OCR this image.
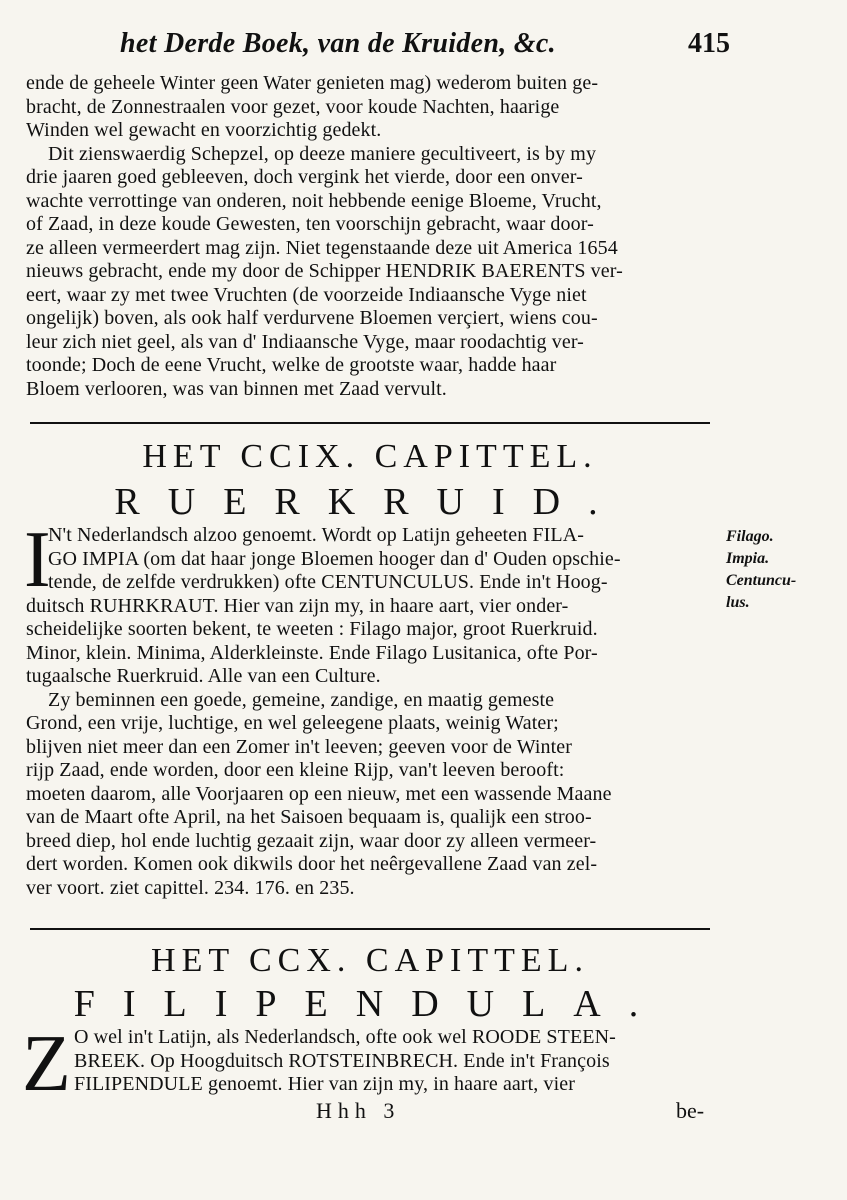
het Derde Boek, van de Kruiden, &c.	415
ende de geheele Winter geen Water genieten mag) wederom buiten ge-
bracht, de Zonnestraalen voor gezet, voor koude Nachten, haarige
Winden wel gewacht en voorzichtig gedekt.
Dit zienswaerdig Schepzel, op deeze maniere gecultiveert, is by my
drie jaaren goed gebleeven, doch vergink het vierde, door een onver-
wachte verrottinge van onderen, noit hebbende eenige Bloeme, Vrucht,
of Zaad, in deze koude Gewesten, ten voorschijn gebracht, waar door-
ze alleen vermeerdert mag zijn. Niet tegenstaande deze uit America 1654
nieuws gebracht, ende my door de Schipper HENDRIK BAERENTS ver-
eert, waar zy met twee Vruchten (de voorzeide Indiaansche Vyge niet
ongelijk) boven, als ook half verdurvene Bloemen verçiert, wiens cou-
leur zich niet geel, als van d' Indiaansche Vyge, maar roodachtig ver-
toonde; Doch de eene Vrucht, welke de grootste waar, hadde haar
Bloem verlooren, was van binnen met Zaad vervult.
HET CCIX. CAPITTEL.
RUERKRUID.
I
N't Nederlandsch alzoo genoemt. Wordt op Latijn geheeten FILA-
GO IMPIA (om dat haar jonge Bloemen hooger dan d' Ouden opschie-
tende, de zelfde verdrukken) ofte CENTUNCULUS. Ende in't Hoog-
duitsch RUHRKRAUT. Hier van zijn my, in haare aart, vier onder-
scheidelijke soorten bekent, te weeten : Filago major, groot Ruerkruid.
Minor, klein. Minima, Alderkleinste. Ende Filago Lusitanica, ofte Por-
tugaalsche Ruerkruid. Alle van een Culture.
Zy beminnen een goede, gemeine, zandige, en maatig gemeste
Grond, een vrije, luchtige, en wel geleegene plaats, weinig Water;
blijven niet meer dan een Zomer in't leeven; geeven voor de Winter
rijp Zaad, ende worden, door een kleine Rijp, van't leeven berooft:
moeten daarom, alle Voorjaaren op een nieuw, met een wassende Maane
van de Maart ofte April, na het Saisoen bequaam is, qualijk een stroo-
breed diep, hol ende luchtig gezaait zijn, waar door zy alleen vermeer-
dert worden. Komen ook dikwils door het neêrgevallene Zaad van zel-
ver voort. ziet capittel. 234. 176. en 235.
Filago.
Impia.
Centuncu-
lus.
HET CCX. CAPITTEL.
FILIPENDULA.
Z O wel in't Latijn, als Nederlandsch, ofte ook wel ROODE STEEN-
BREEK. Op Hoogduitsch ROTSTEINBRECH. Ende in't François
FILIPENDULE genoemt. Hier van zijn my, in haare aart, vier
Hhh 3	be-
